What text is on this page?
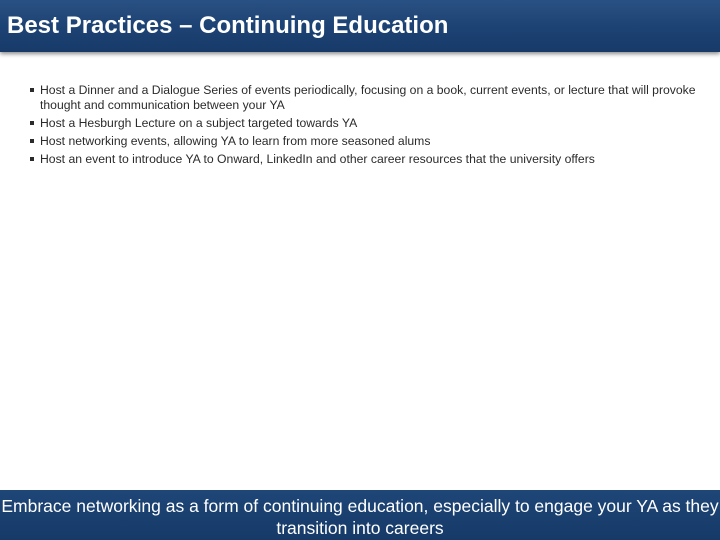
Best Practices – Continuing Education
Host a Dinner and a Dialogue Series of events periodically, focusing on a book, current events, or lecture that will provoke thought and communication between your YA
Host a Hesburgh Lecture on a subject targeted towards YA
Host networking events, allowing YA to learn from more seasoned alums
Host an event to introduce YA to Onward, LinkedIn and other career resources that the university offers

Embrace networking as a form of continuing education, especially to engage your YA as they transition into careers
